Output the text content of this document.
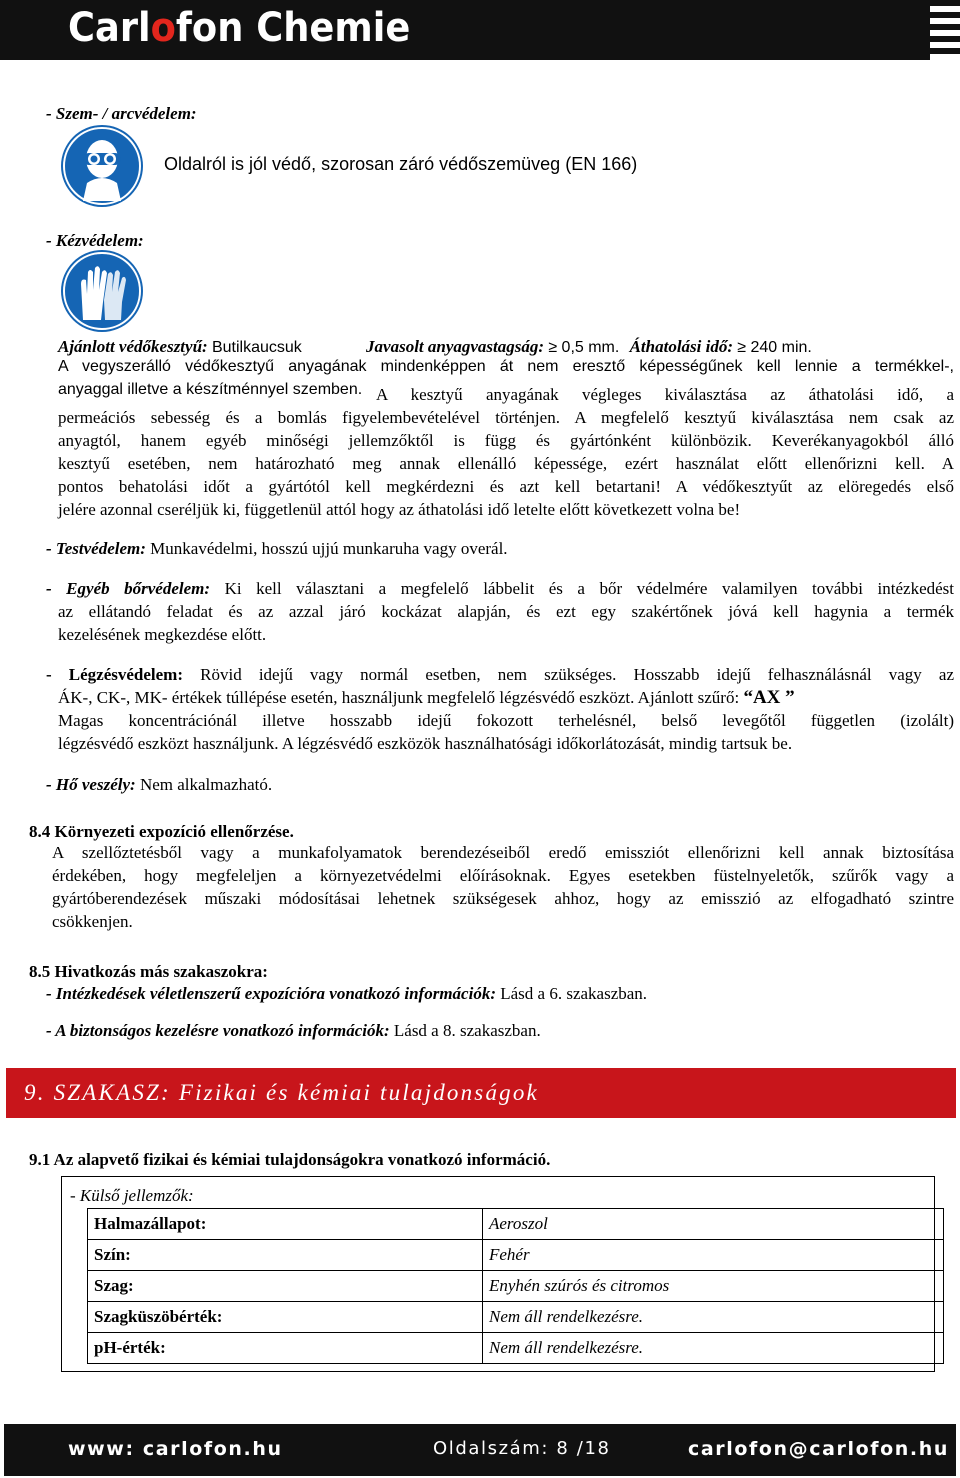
Carlofon Chemie
- Szem- / arcvédelem:
Oldalról is jól védő, szorosan záró védőszemüveg (EN 166)
- Kézvédelem:
Ajánlott védőkesztyű: Butilkaucsuk	Javasolt anyagvastagság: ≥ 0,5 mm. Áthatolási idő: ≥ 240 min.
A vegyszerálló védőkesztyű anyagának mindenképpen át nem eresztő képességűnek kell lennie a termékkel-,
anyaggal illetve a készítménnyel szemben. A kesztyű anyagának végleges kiválasztása az áthatolási idő, a
permeációs sebesség és a bomlás figyelembevételével történjen. A megfelelő kesztyű kiválasztása nem csak az
anyagtól, hanem egyéb minőségi jellemzőktől is függ és gyártónként különbözik. Keverékanyagokból álló
kesztyű esetében, nem határozható meg annak ellenálló képessége, ezért használat előtt ellenőrizni kell. A
pontos behatolási időt a gyártótól kell megkérdezni és azt kell betartani! A védőkesztyűt az elöregedés első
jelére azonnal cseréljük ki, függetlenül attól hogy az áthatolási idő letelte előtt következett volna be!
- Testvédelem: Munkavédelmi, hosszú ujjú munkaruha vagy overál.
- Egyéb bőrvédelem: Ki kell választani a megfelelő lábbelit és a bőr védelmére valamilyen további intézkedést
az ellátandó feladat és az azzal járó kockázat alapján, és ezt egy szakértőnek jóvá kell hagynia a termék
kezelésének megkezdése előtt.
- Légzésvédelem: Rövid idejű vagy normál esetben, nem szükséges. Hosszabb idejű felhasználásnál vagy az
ÁK-, CK-, MK- értékek túllépése esetén, használjunk megfelelő légzésvédő eszközt. Ajánlott szűrő: “AX ”
Magas koncentrációnál illetve hosszabb idejű fokozott terhelésnél, belső levegőtől független (izolált)
légzésvédő eszközt használjunk. A légzésvédő eszközök használhatósági időkorlátozását, mindig tartsuk be.
- Hő veszély: Nem alkalmazható.
8.4 Környezeti expozíció ellenőrzése.
A szellőztetésből vagy a munkafolyamatok berendezéseiből eredő emissziót ellenőrizni kell annak biztosítása
érdekében, hogy megfeleljen a környezetvédelmi előírásoknak. Egyes esetekben füstelnyeletők, szűrők vagy a
gyártóberendezések műszaki módosításai lehetnek szükségesek ahhoz, hogy az emisszió az elfogadható szintre
csökkenjen.
8.5 Hivatkozás más szakaszokra:
- Intézkedések véletlenszerű expozícióra vonatkozó információk: Lásd a 6. szakaszban.
- A biztonságos kezelésre vonatkozó információk: Lásd a 8. szakaszban.
9. SZAKASZ: Fizikai és kémiai tulajdonságok
9.1 Az alapvető fizikai és kémiai tulajdonságokra vonatkozó információ.
- Külső jellemzők:
Halmazállapot:	Aeroszol
Szín:	Fehér
Szag:	Enyhén szúrós és citromos
Szagküszöbérték:	Nem áll rendelkezésre.
pH-érték:	Nem áll rendelkezésre.
www: carlofon.hu	Oldalszám: 8 /18	carlofon@carlofon.hu
